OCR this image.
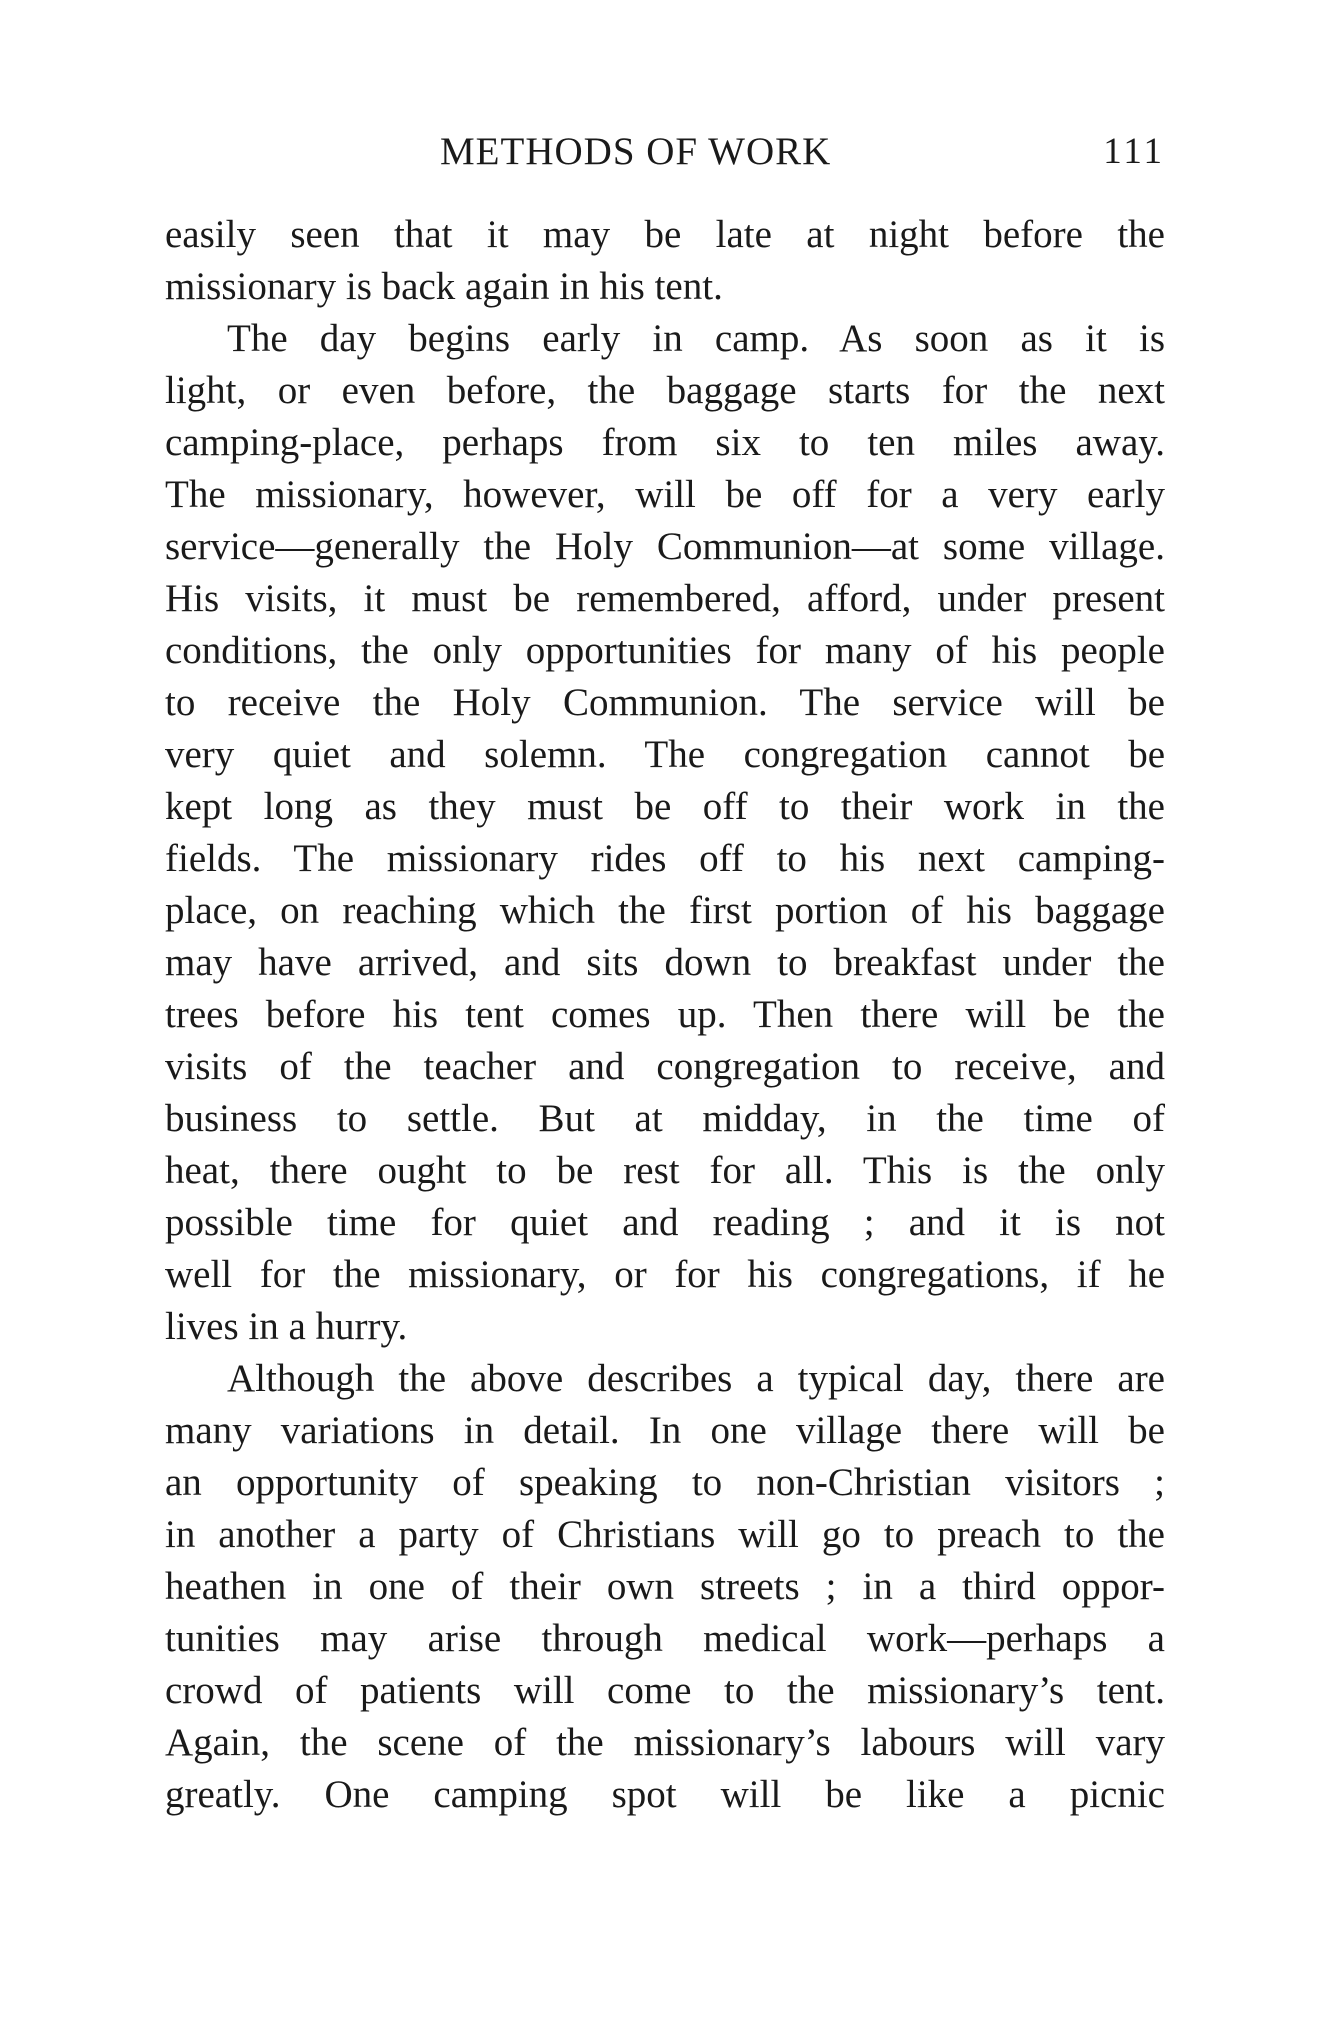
METHODS OF WORK	111
easily seen that it may be late at night before the
missionary is back again in his tent.
The day begins early in camp. As soon as it is
light, or even before, the baggage starts for the next
camping-place, perhaps from six to ten miles away.
The missionary, however, will be off for a very early
service—generally the Holy Communion—at some village.
His visits, it must be remembered, afford, under present
conditions, the only opportunities for many of his people
to receive the Holy Communion. The service will be
very quiet and solemn. The congregation cannot be
kept long as they must be off to their work in the
fields. The missionary rides off to his next camping-
place, on reaching which the first portion of his baggage
may have arrived, and sits down to breakfast under the
trees before his tent comes up. Then there will be the
visits of the teacher and congregation to receive, and
business to settle. But at midday, in the time of
heat, there ought to be rest for all. This is the only
possible time for quiet and reading ; and it is not
well for the missionary, or for his congregations, if he
lives in a hurry.
Although the above describes a typical day, there are
many variations in detail. In one village there will be
an opportunity of speaking to non-Christian visitors ;
in another a party of Christians will go to preach to the
heathen in one of their own streets ; in a third oppor-
tunities may arise through medical work—perhaps a
crowd of patients will come to the missionary’s tent.
Again, the scene of the missionary’s labours will vary
greatly. One camping spot will be like a picnic
